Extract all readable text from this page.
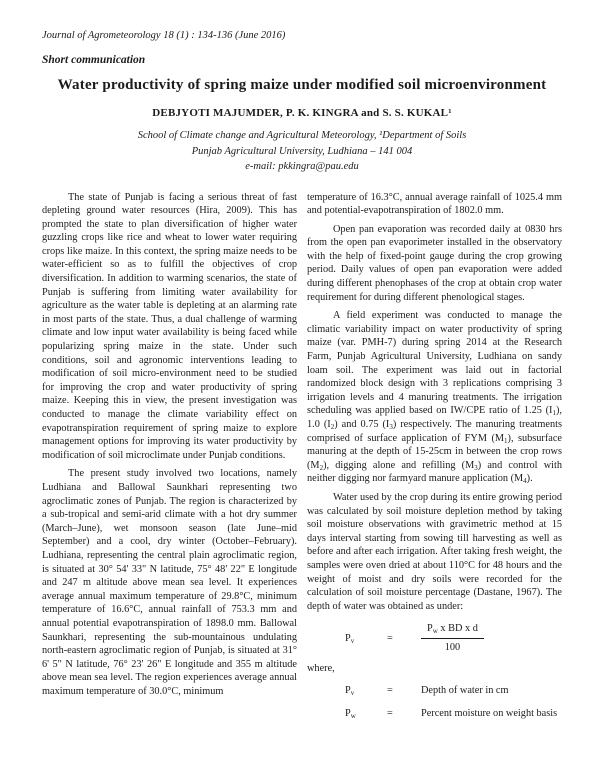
Journal of Agrometeorology 18 (1) : 134-136 (June 2016)
Short communication
Water productivity of spring maize under modified soil microenvironment
DEBJYOTI MAJUMDER, P. K. KINGRA and S. S. KUKAL¹
School of Climate change and Agricultural Meteorology, ¹Department of Soils
Punjab Agricultural University, Ludhiana – 141 004
e-mail: pkkingra@pau.edu

The state of Punjab is facing a serious threat of fast depleting ground water resources (Hira, 2009). This has prompted the state to plan diversification of higher water guzzling crops like rice and wheat to lower water requiring crops like maize. In this context, the spring maize needs to be water-efficient so as to fulfill the objectives of crop diversification. In addition to warming scenarios, the state of Punjab is suffering from limiting water availability for agriculture as the water table is depleting at an alarming rate in most parts of the state. Thus, a dual challenge of warming climate and low input water availability is being faced while popularizing spring maize in the state. Under such conditions, soil and agronomic interventions leading to modification of soil micro-environment need to be studied for improving the crop and water productivity of spring maize. Keeping this in view, the present investigation was conducted to manage the climate variability effect on evapotranspiration requirement of spring maize to explore management options for improving its water productivity by modification of soil microclimate under Punjab conditions.

The present study involved two locations, namely Ludhiana and Ballowal Saunkhari representing two agroclimatic zones of Punjab. The region is characterized by a sub-tropical and semi-arid climate with a hot dry summer (March–June), wet monsoon season (late June–mid September) and a cool, dry winter (October–February). Ludhiana, representing the central plain agroclimatic region, is situated at 30° 54' 33" N latitude, 75° 48' 22" E longitude and 247 m altitude above mean sea level. It experiences average annual maximum temperature of 29.8°C, minimum temperature of 16.6°C, annual rainfall of 753.3 mm and annual potential evapotranspiration of 1898.0 mm. Ballowal Saunkhari, representing the sub-mountainous undulating north-eastern agroclimatic region of Punjab, is situated at 31° 6' 5" N latitude, 76° 23' 26" E longitude and 355 m altitude above mean sea level. The region experiences average annual maximum temperature of 30.0°C, minimum

temperature of 16.3°C, annual average rainfall of 1025.4 mm and potential-evapotranspiration of 1802.0 mm.

Open pan evaporation was recorded daily at 0830 hrs from the open pan evaporimeter installed in the observatory with the help of fixed-point gauge during the crop growing period. Daily values of open pan evaporation were added during different phenophases of the crop at obtain crop water requirement for during different phenological stages.

A field experiment was conducted to manage the climatic variability impact on water productivity of spring maize (var. PMH-7) during spring 2014 at the Research Farm, Punjab Agricultural University, Ludhiana on sandy loam soil. The experiment was laid out in factorial randomized block design with 3 replications comprising 3 irrigation levels and 4 manuring treatments. The irrigation scheduling was applied based on IW/CPE ratio of 1.25 $(I_1)$, 1.0 $(I_2)$ and 0.75 $(I_3)$ respectively. The manuring treatments comprised of surface application of FYM $(M_1)$, subsurface manuring at the depth of 15-25cm in between the crop rows $(M_2)$, digging alone and refilling $(M_3)$ and control with neither digging nor farmyard manure application $(M_4)$.

Water used by the crop during its entire growing period was calculated by soil moisture depletion method by taking soil moisture observations with gravimetric method at 15 days interval starting from sowing till harvesting as well as before and after each irrigation. After taking fresh weight, the samples were oven dried at about 110°C for 48 hours and the weight of moist and dry soils were recorded for the calculation of soil moisture percentage (Dastane, 1967). The depth of water was obtained as under:

$P_v$	=	$\frac{P_w x BD x d}{100}$

where,

$P_v$	=	Depth of water in cm
$P_w$	=	Percent moisture on weight basis
